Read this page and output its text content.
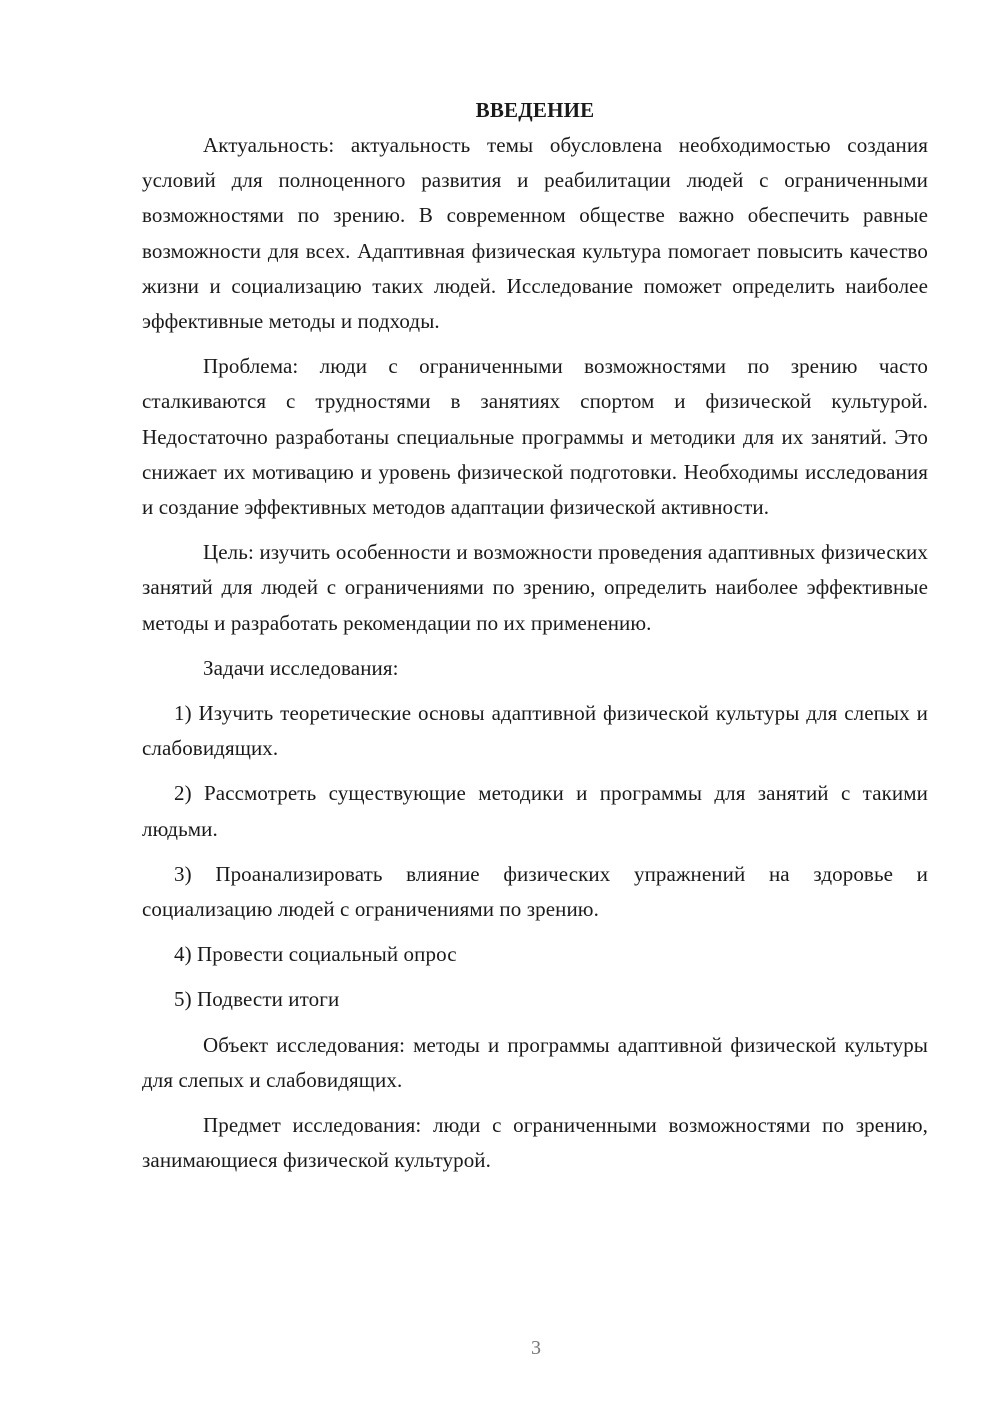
ВВЕДЕНИЕ

Актуальность: актуальность темы обусловлена необходимостью создания условий для полноценного развития и реабилитации людей с ограниченными возможностями по зрению. В современном обществе важно обеспечить равные возможности для всех. Адаптивная физическая культура помогает повысить качество жизни и социализацию таких людей. Исследование поможет определить наиболее эффективные методы и подходы.

Проблема: люди с ограниченными возможностями по зрению часто сталкиваются с трудностями в занятиях спортом и физической культурой. Недостаточно разработаны специальные программы и методики для их занятий. Это снижает их мотивацию и уровень физической подготовки. Необходимы исследования и создание эффективных методов адаптации физической активности.

Цель: изучить особенности и возможности проведения адаптивных физических занятий для людей с ограничениями по зрению, определить наиболее эффективные методы и разработать рекомендации по их применению.

Задачи исследования:

1) Изучить теоретические основы адаптивной физической культуры для слепых и слабовидящих.

2) Рассмотреть существующие методики и программы для занятий с такими людьми.

3) Проанализировать влияние физических упражнений на здоровье и социализацию людей с ограничениями по зрению.

4) Провести социальный опрос

5) Подвести итоги

Объект исследования: методы и программы адаптивной физической культуры для слепых и слабовидящих.

Предмет исследования: люди с ограниченными возможностями по зрению, занимающиеся физической культурой.

3
